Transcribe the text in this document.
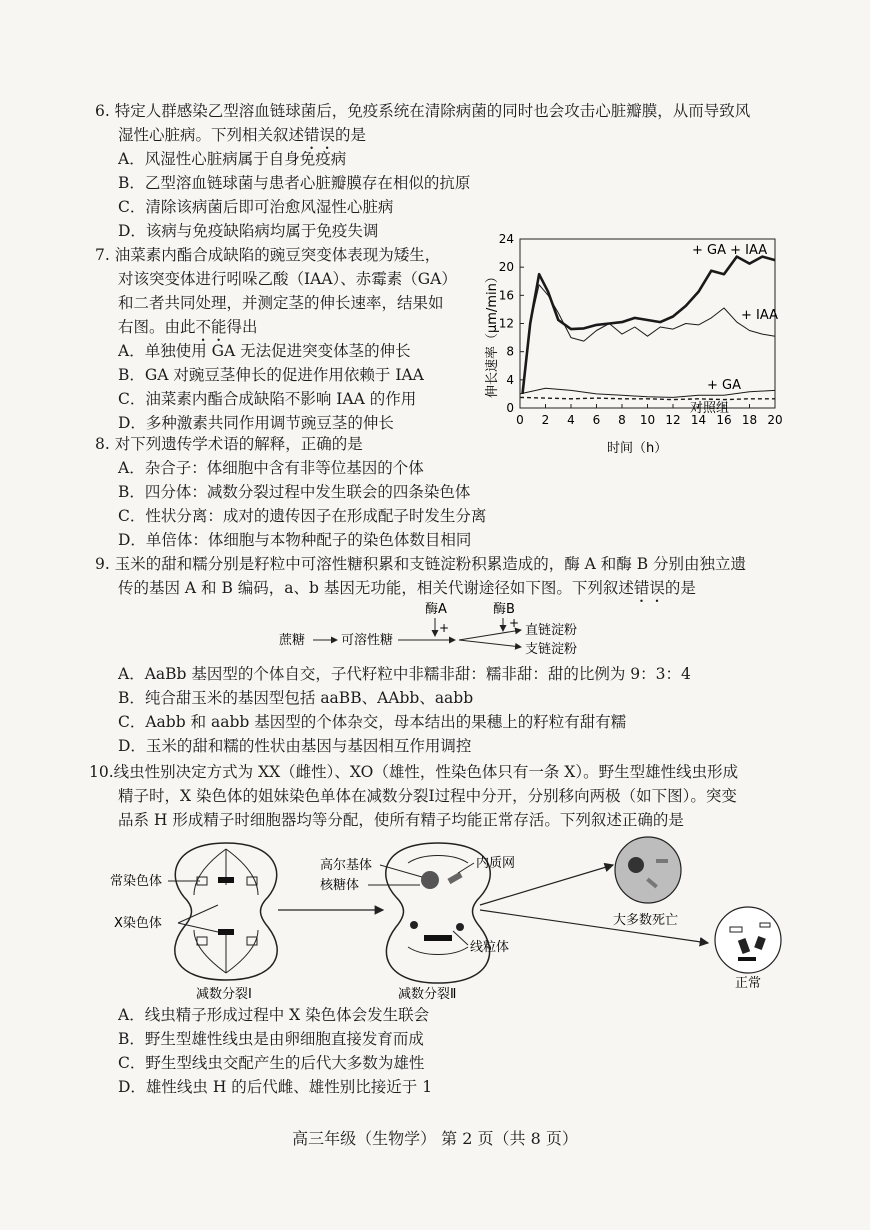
6. 特定人群感染乙型溶血链球菌后，免疫系统在清除病菌的同时也会攻击心脏瓣膜，从而导致风
湿性心脏病。下列相关叙述错误的是
A．风湿性心脏病属于自身免疫病
B．乙型溶血链球菌与患者心脏瓣膜存在相似的抗原
C．清除该病菌后即可治愈风湿性心脏病
D．该病与免疫缺陷病均属于免疫失调
7. 油菜素内酯合成缺陷的豌豆突变体表现为矮生，
对该突变体进行吲哚乙酸（IAA）、赤霉素（GA）
和二者共同处理，并测定茎的伸长速率，结果如
右图。由此不能得出
A．单独使用 GA 无法促进突变体茎的伸长
B．GA 对豌豆茎伸长的促进作用依赖于 IAA
C．油菜素内酯合成缺陷不影响 IAA 的作用
D．多种激素共同作用调节豌豆茎的伸长	0 2 4 6 8 10 12 14 16 18 20
0
4
8
12
16
20
24
+ GA + IAA
+ IAA
+ GA
对照组
时间（h）
伸长速率（μm/min）
8. 对下列遗传学术语的解释，正确的是
A．杂合子：体细胞中含有非等位基因的个体
B．四分体：减数分裂过程中发生联会的四条染色体
C．性状分离：成对的遗传因子在形成配子时发生分离
D．单倍体：体细胞与本物种配子的染色体数目相同
9. 玉米的甜和糯分别是籽粒中可溶性糖积累和支链淀粉积累造成的，酶 A 和酶 B 分别由独立遗
传的基因 A 和 B 编码，a、b 基因无功能，相关代谢途径如下图。下列叙述错误的是
蔗糖	可溶性糖
酶A
+
酶B
+ 直链淀粉
支链淀粉
A．AaBb 基因型的个体自交，子代籽粒中非糯非甜：糯非甜：甜的比例为 9：3：4
B．纯合甜玉米的基因型包括 aaBB、AAbb、aabb
C．Aabb 和 aabb 基因型的个体杂交，母本结出的果穗上的籽粒有甜有糯
D．玉米的甜和糯的性状由基因与基因相互作用调控
10.线虫性别决定方式为 XX（雌性）、XO（雄性，性染色体只有一条 X）。野生型雄性线虫形成
精子时，X 染色体的姐妹染色单体在减数分裂Ⅰ过程中分开，分别移向两极（如下图）。突变
品系 H 形成精子时细胞器均等分配，使所有精子均能正常存活。下列叙述正确的是
常染色体
X染色体
减数分裂Ⅰ
高尔基体
核糖体
内质网
线粒体
减数分裂Ⅱ
大多数死亡
正常
A．线虫精子形成过程中 X 染色体会发生联会
B．野生型雄性线虫是由卵细胞直接发育而成
C．野生型线虫交配产生的后代大多数为雄性
D．雄性线虫 H 的后代雌、雄性别比接近于 1
高三年级（生物学） 第 2 页（共 8 页）
